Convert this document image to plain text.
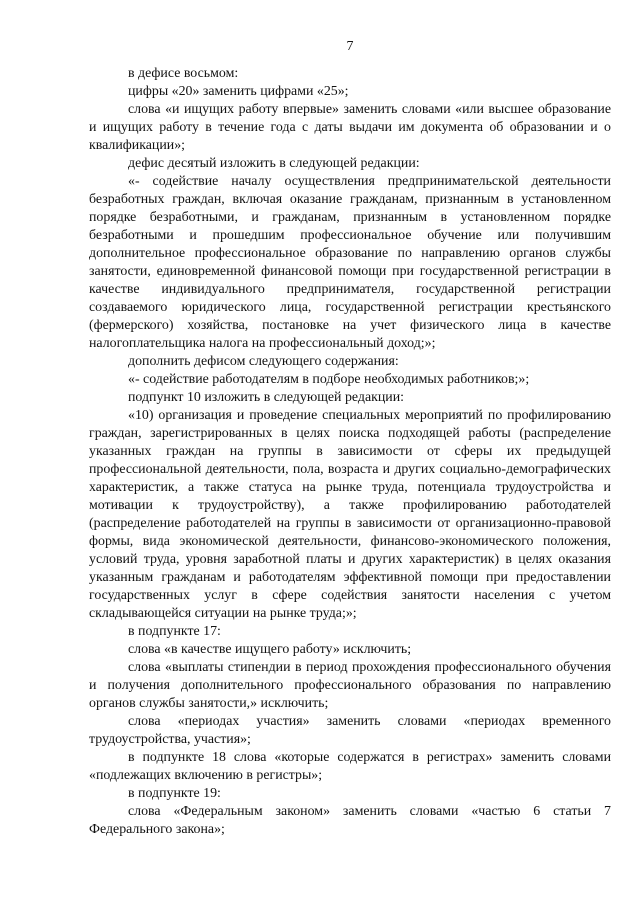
7

в дефисе восьмом:

цифры «20» заменить цифрами «25»;

слова «и ищущих работу впервые» заменить словами «или высшее образование и ищущих работу в течение года с даты выдачи им документа об образовании и о квалификации»;

дефис десятый изложить в следующей редакции:

«- содействие началу осуществления предпринимательской деятельности безработных граждан, включая оказание гражданам, признанным в установленном порядке безработными, и гражданам, признанным в установленном порядке безработными и прошедшим профессиональное обучение или получившим дополнительное профессиональное образование по направлению органов службы занятости, единовременной финансовой помощи при государственной регистрации в качестве индивидуального предпринимателя, государственной регистрации создаваемого юридического лица, государственной регистрации крестьянского (фермерского) хозяйства, постановке на учет физического лица в качестве налогоплательщика налога на профессиональный доход;»;

дополнить дефисом следующего содержания:

«- содействие работодателям в подборе необходимых работников;»;

подпункт 10 изложить в следующей редакции:

«10) организация и проведение специальных мероприятий по профилированию граждан, зарегистрированных в целях поиска подходящей работы (распределение указанных граждан на группы в зависимости от сферы их предыдущей профессиональной деятельности, пола, возраста и других социально-демографических характеристик, а также статуса на рынке труда, потенциала трудоустройства и мотивации к трудоустройству), а также профилированию работодателей (распределение работодателей на группы в зависимости от организационно-правовой формы, вида экономической деятельности, финансово-экономического положения, условий труда, уровня заработной платы и других характеристик) в целях оказания указанным гражданам и работодателям эффективной помощи при предоставлении государственных услуг в сфере содействия занятости населения с учетом складывающейся ситуации на рынке труда;»;

в подпункте 17:

слова «в качестве ищущего работу» исключить;

слова «выплаты стипендии в период прохождения профессионального обучения и получения дополнительного профессионального образования по направлению органов службы занятости,» исключить;

слова «периодах участия» заменить словами «периодах временного трудоустройства, участия»;

в подпункте 18 слова «которые содержатся в регистрах» заменить словами «подлежащих включению в регистры»;

в подпункте 19:

слова «Федеральным законом» заменить словами «частью 6 статьи 7 Федерального закона»;
